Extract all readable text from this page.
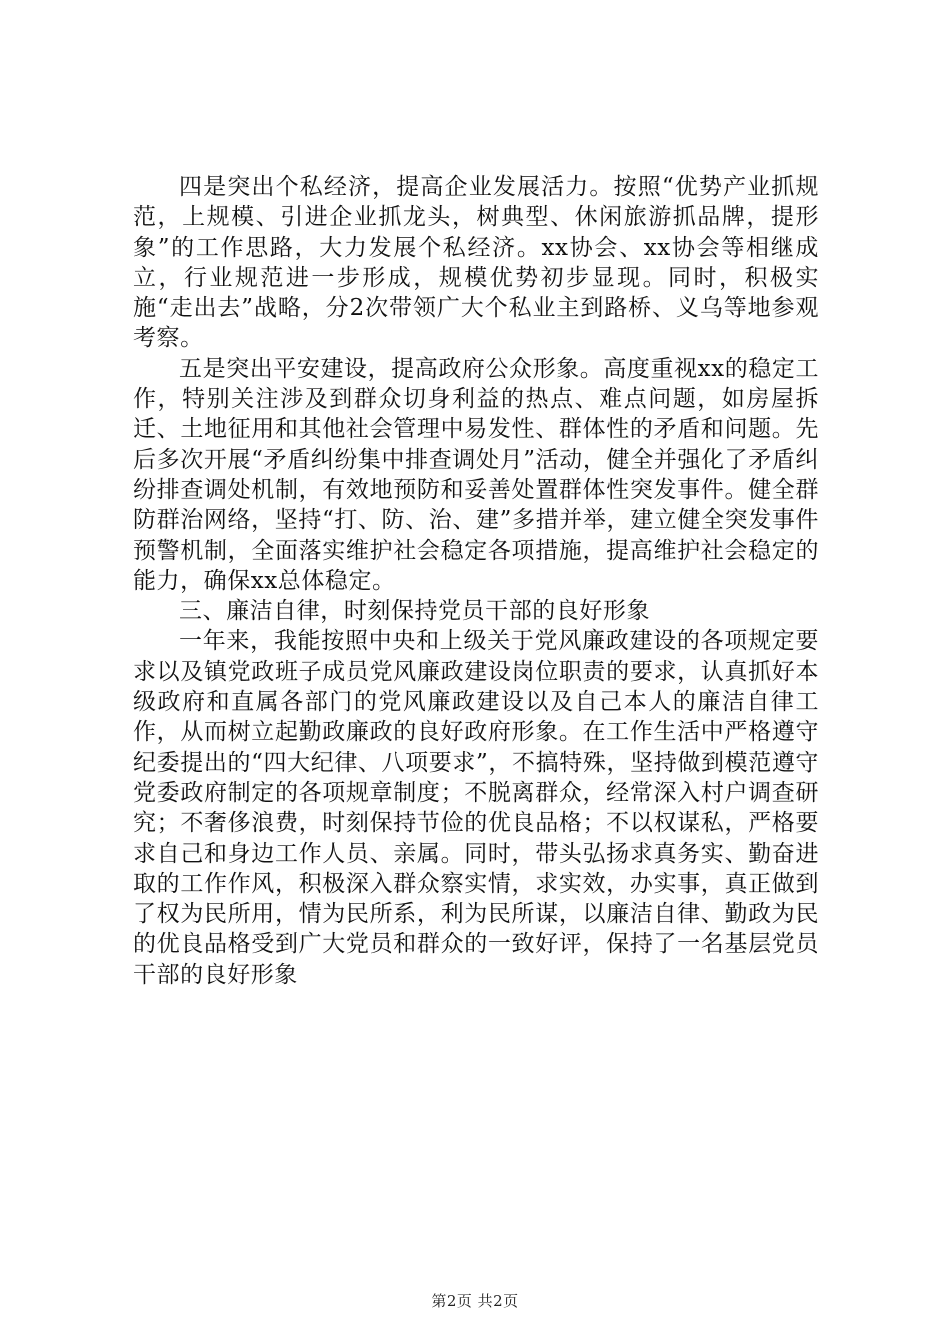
四是突出个私经济，提高企业发展活力。按照“优势产业抓规范，上规模、引进企业抓龙头，树典型、休闲旅游抓品牌，提形象”的工作思路，大力发展个私经济。xx协会、xx协会等相继成立，行业规范进一步形成，规模优势初步显现。同时，积极实施“走出去”战略，分2次带领广大个私业主到路桥、义乌等地参观考察。

五是突出平安建设，提高政府公众形象。高度重视xx的稳定工作，特别关注涉及到群众切身利益的热点、难点问题，如房屋拆迁、土地征用和其他社会管理中易发性、群体性的矛盾和问题。先后多次开展“矛盾纠纷集中排查调处月”活动，健全并强化了矛盾纠纷排查调处机制，有效地预防和妥善处置群体性突发事件。健全群防群治网络，坚持“打、防、治、建”多措并举，建立健全突发事件预警机制，全面落实维护社会稳定各项措施，提高维护社会稳定的能力，确保xx总体稳定。

三、廉洁自律，时刻保持党员干部的良好形象

一年来，我能按照中央和上级关于党风廉政建设的各项规定要求以及镇党政班子成员党风廉政建设岗位职责的要求，认真抓好本级政府和直属各部门的党风廉政建设以及自己本人的廉洁自律工作，从而树立起勤政廉政的良好政府形象。在工作生活中严格遵守纪委提出的“四大纪律、八项要求”，不搞特殊，坚持做到模范遵守党委政府制定的各项规章制度；不脱离群众，经常深入村户调查研究；不奢侈浪费，时刻保持节俭的优良品格；不以权谋私，严格要求自己和身边工作人员、亲属。同时，带头弘扬求真务实、勤奋进取的工作作风，积极深入群众察实情，求实效，办实事，真正做到了权为民所用，情为民所系，利为民所谋，以廉洁自律、勤政为民的优良品格受到广大党员和群众的一致好评，保持了一名基层党员干部的良好形象

第2页 共2页
